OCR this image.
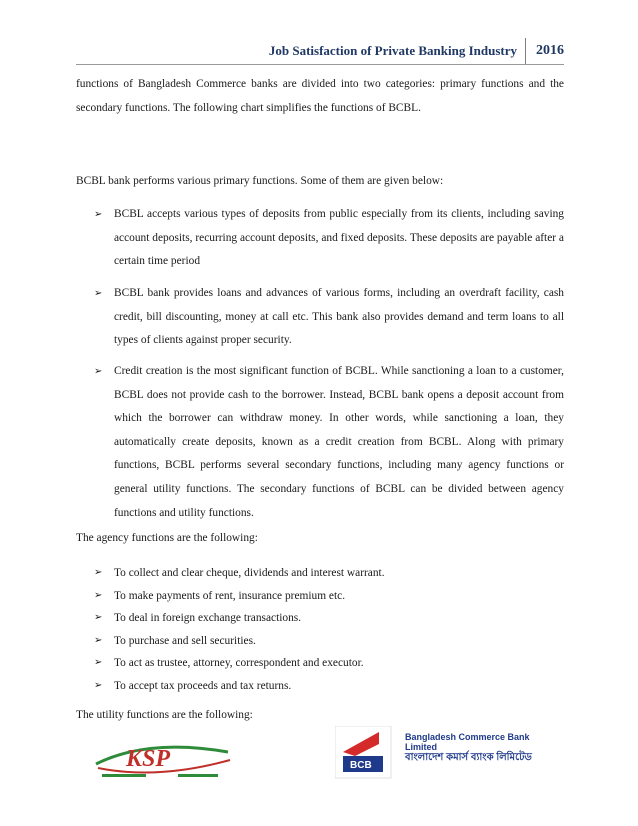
Job Satisfaction of Private Banking Industry	2016
functions of Bangladesh Commerce banks are divided into two categories: primary functions and the secondary functions. The following chart simplifies the functions of BCBL.
BCBL bank performs various primary functions. Some of them are given below:
➢ BCBL accepts various types of deposits from public especially from its clients, including saving account deposits, recurring account deposits, and fixed deposits. These deposits are payable after a certain time period
➢ BCBL bank provides loans and advances of various forms, including an overdraft facility, cash credit, bill discounting, money at call etc. This bank also provides demand and term loans to all types of clients against proper security.
➢ Credit creation is the most significant function of BCBL. While sanctioning a loan to a customer, BCBL does not provide cash to the borrower. Instead, BCBL bank opens a deposit account from which the borrower can withdraw money. In other words, while sanctioning a loan, they automatically create deposits, known as a credit creation from BCBL. Along with primary functions, BCBL performs several secondary functions, including many agency functions or general utility functions. The secondary functions of BCBL can be divided between agency functions and utility functions.
The agency functions are the following:
➢ To collect and clear cheque, dividends and interest warrant.
➢ To make payments of rent, insurance premium etc.
➢ To deal in foreign exchange transactions.
➢ To purchase and sell securities.
➢ To act as trustee, attorney, correspondent and executor.
➢ To accept tax proceeds and tax returns.
The utility functions are the following:
KSP	BCB
Bangladesh Commerce Bank Limited
বাংলাদেশ কমার্স ব্যাংক লিমিটেড
